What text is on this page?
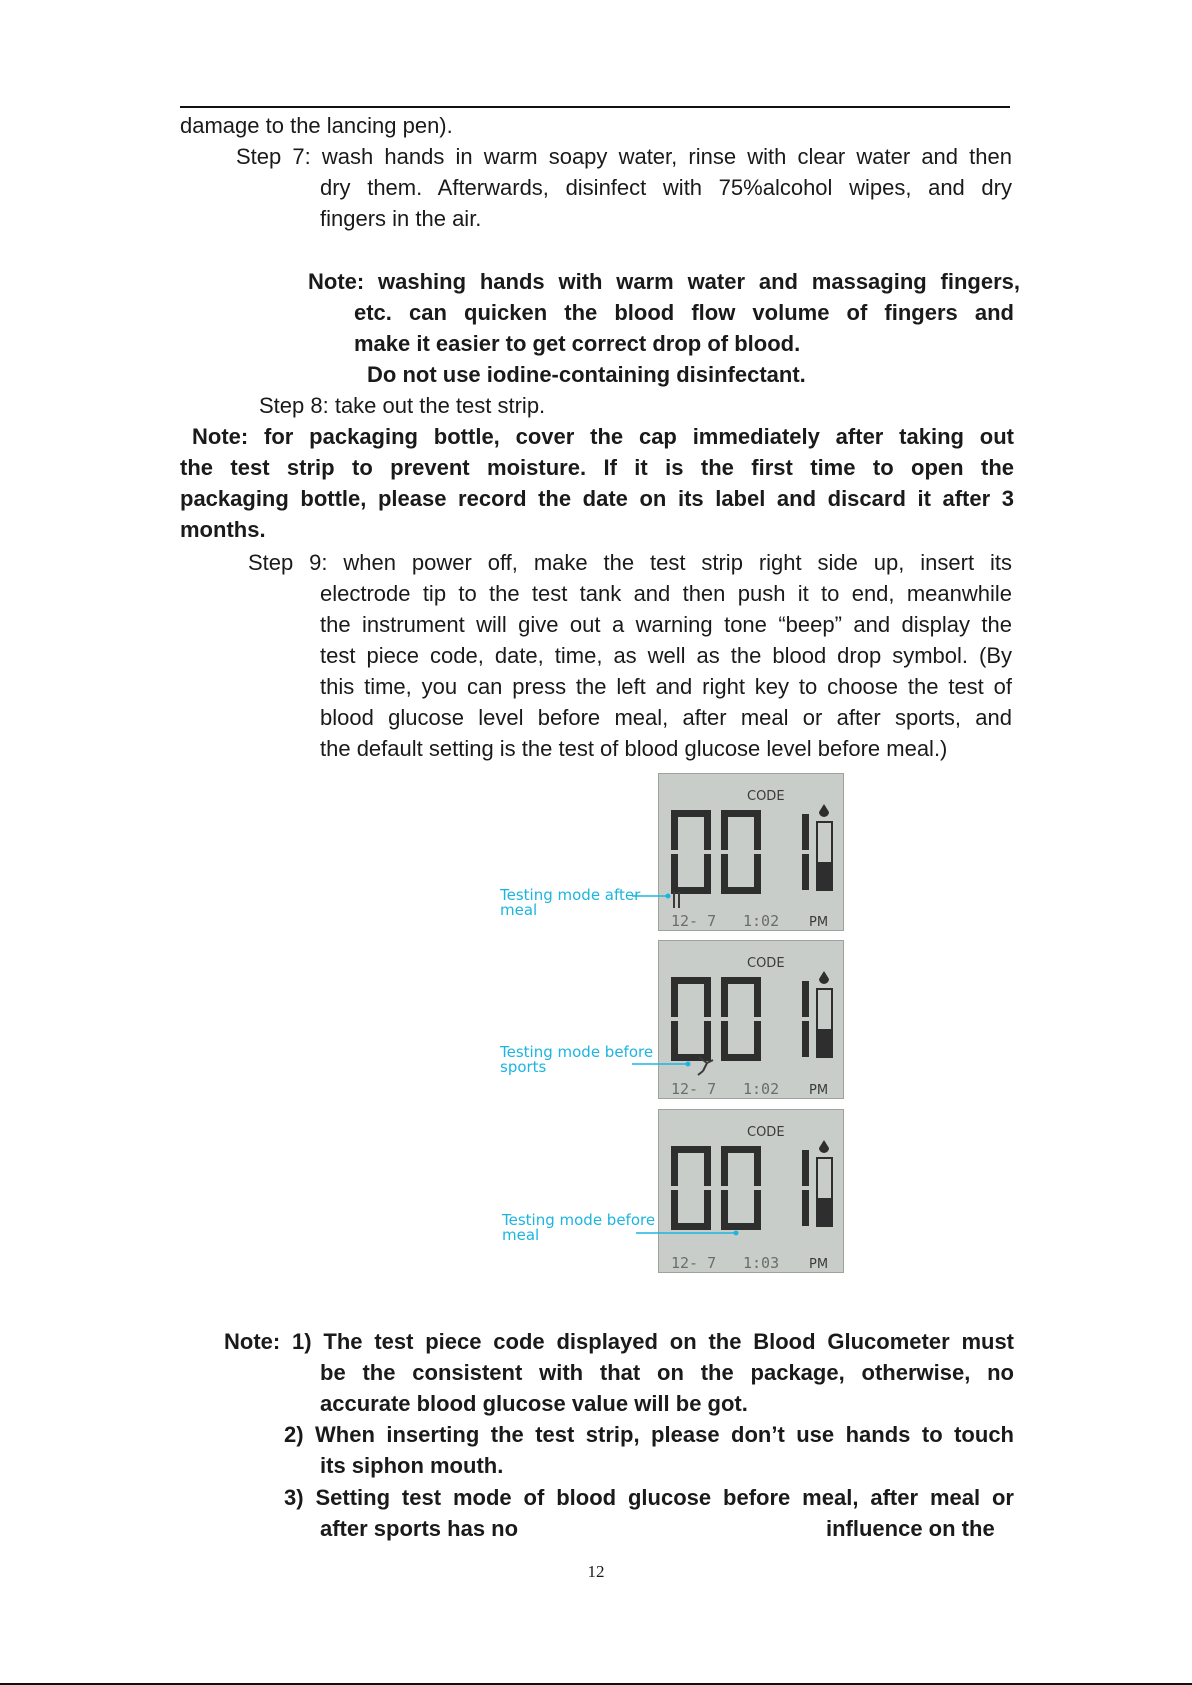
damage to the lancing pen).
Step 7: wash hands in warm soapy water, rinse with clear water and then
dry them. Afterwards, disinfect with 75%alcohol wipes, and dry
fingers in the air.
Note: washing hands with warm water and massaging fingers,
etc. can quicken the blood flow volume of fingers and
make it easier to get correct drop of blood.
Do not use iodine-containing disinfectant.
Step 8: take out the test strip.
Note: for packaging bottle, cover the cap immediately after taking out
the test strip to prevent moisture. If it is the first time to open the
packaging bottle, please record the date on its label and discard it after 3
months.
Step 9: when power off, make the test strip right side up, insert its
electrode tip to the test tank and then push it to end, meanwhile
the instrument will give out a warning tone “beep” and display the
test piece code, date, time, as well as the blood drop symbol. (By
this time, you can press the left and right key to choose the test of
blood glucose level before meal, after meal or after sports, and
the default setting is the test of blood glucose level before meal.)
CODE
12- 7 1:02 PM
Testing mode after
meal
CODE
12- 7 1:02 PM
Testing mode before
sports
CODE
12- 7 1:03 PM
Testing mode before
meal
Note: 1) The test piece code displayed on the Blood Glucometer must
be the consistent with that on the package, otherwise, no
accurate blood glucose value will be got.
2) When inserting the test strip, please don’t use hands to touch
its siphon mouth.
3) Setting test mode of blood glucose before meal, after meal or
after sports has no	influence on the
12
